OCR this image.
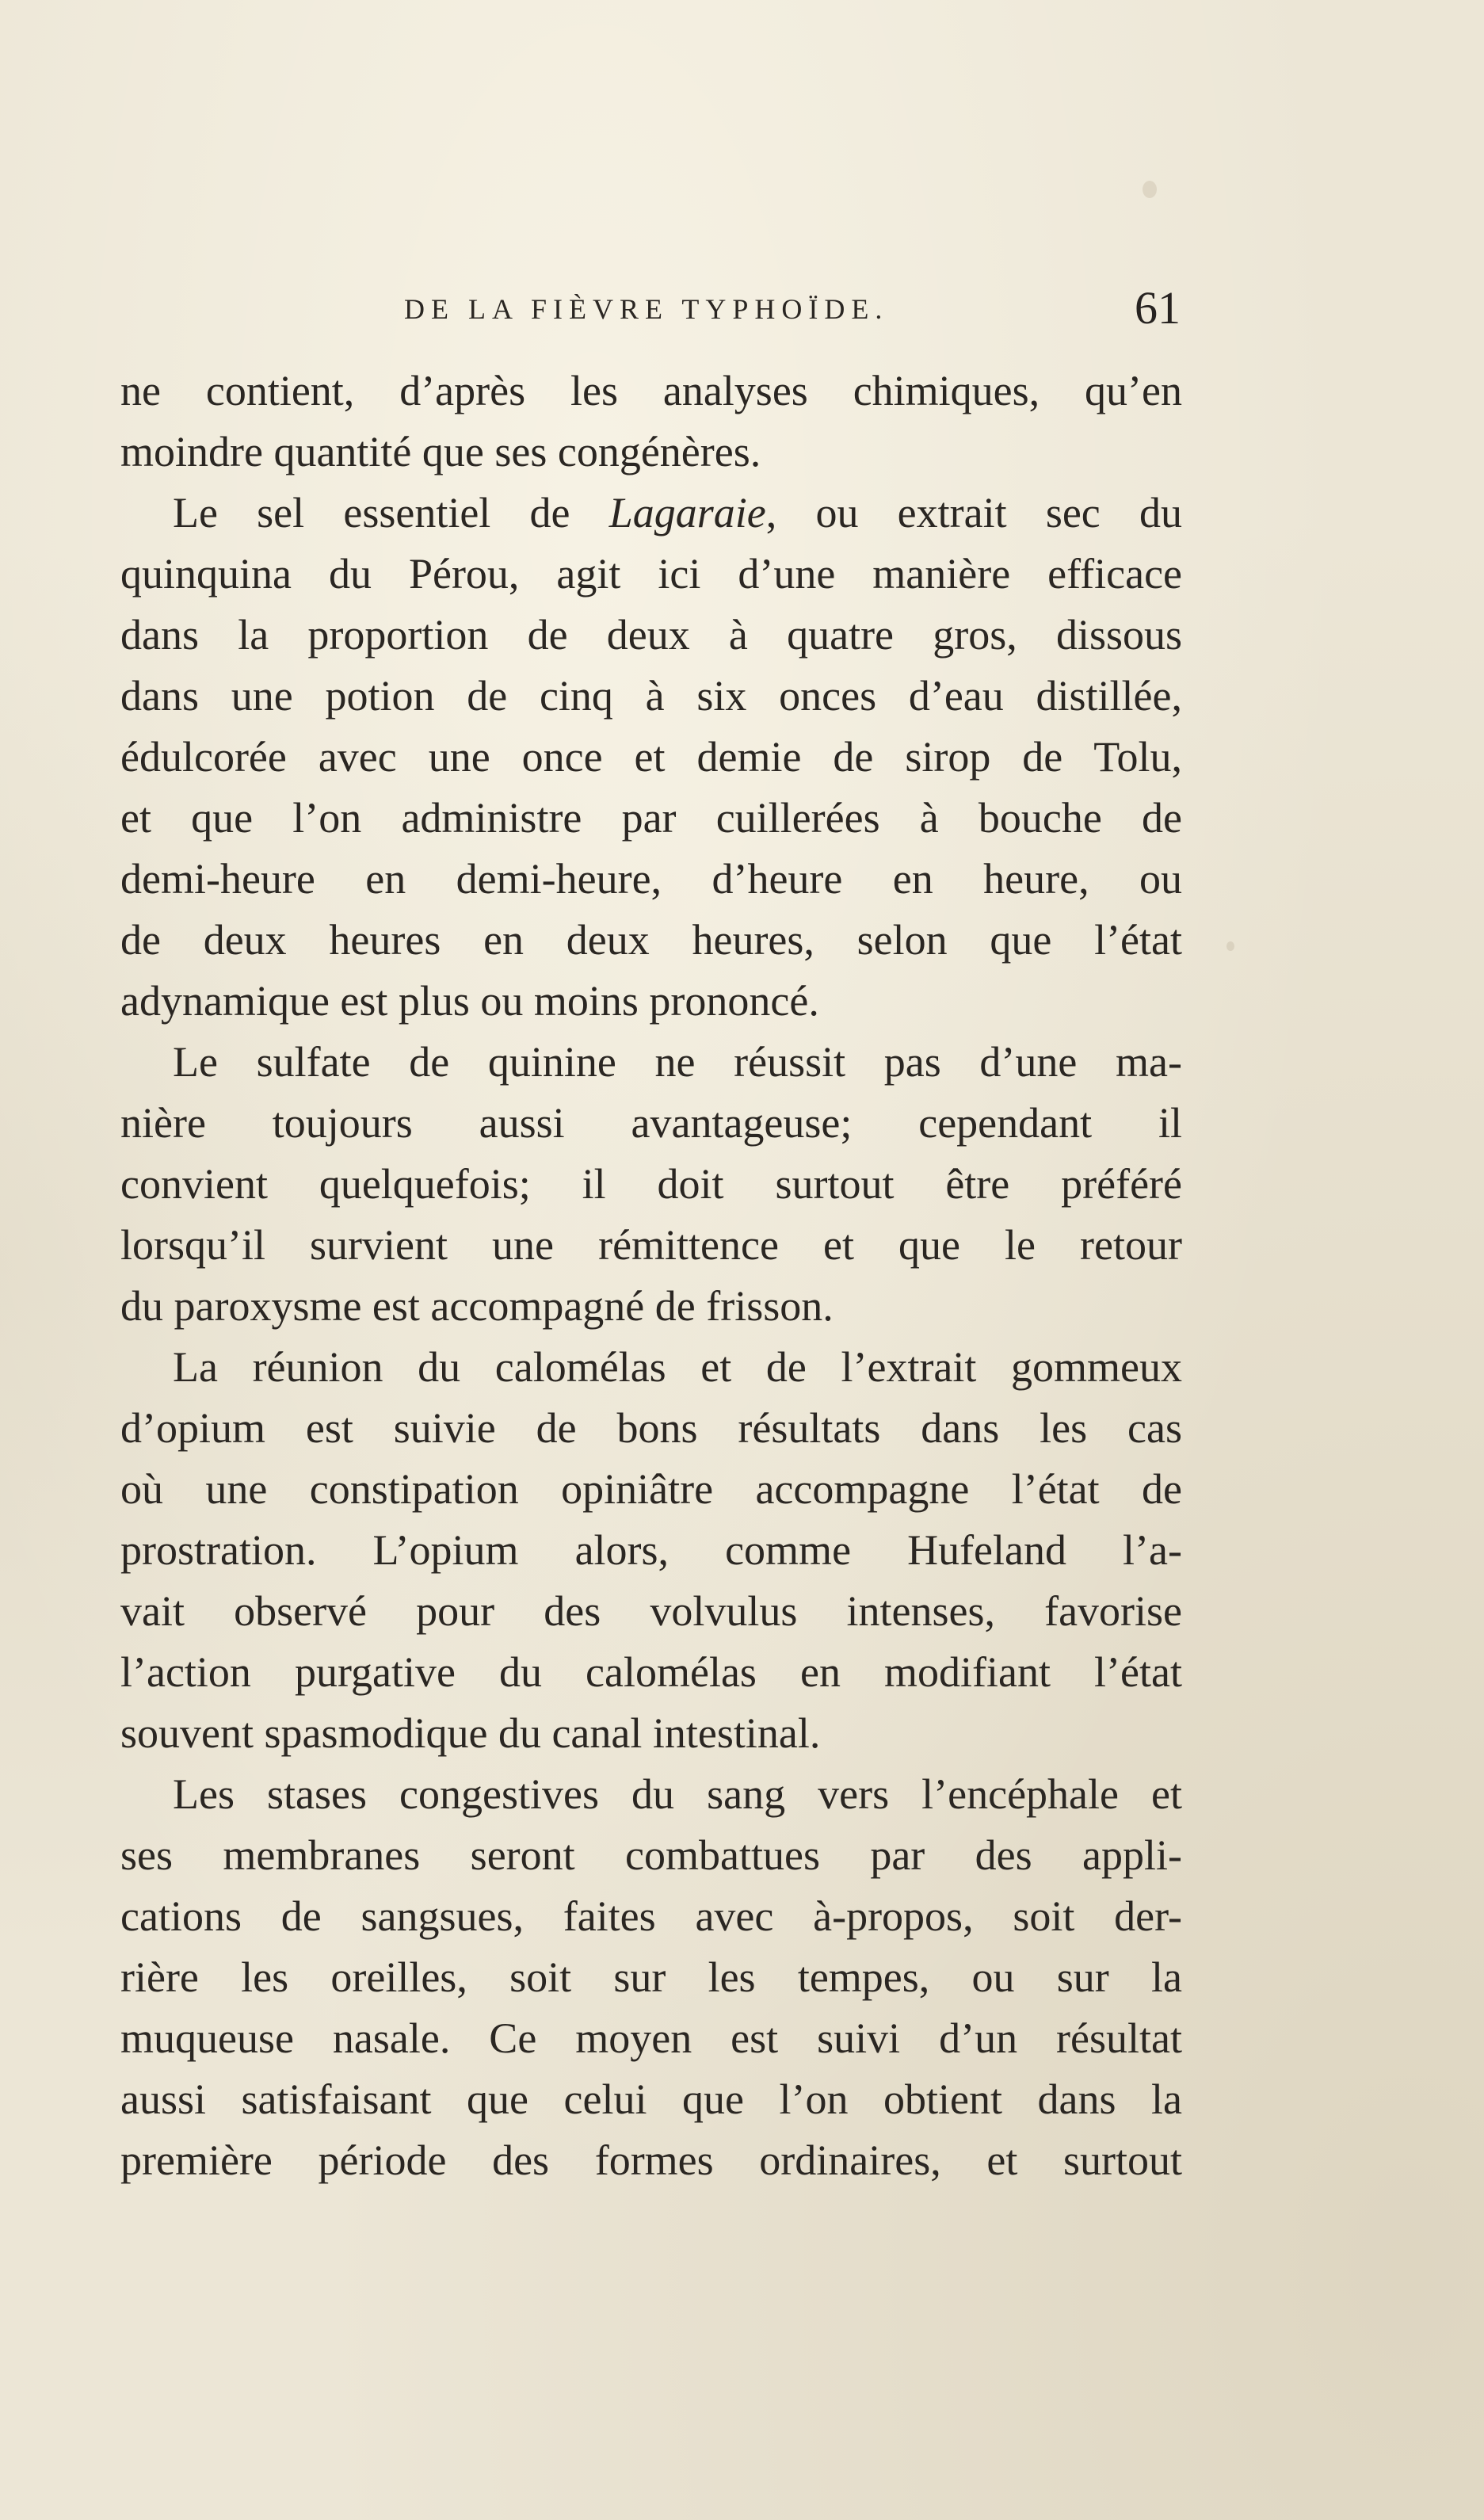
DE LA FIÈVRE TYPHOÏDE.	61
ne contient, d’après les analyses chimiques, qu’en
moindre quantité que ses congénères.
Le sel essentiel de Lagaraie, ou extrait sec du
quinquina du Pérou, agit ici d’une manière efficace
dans la proportion de deux à quatre gros, dissous
dans une potion de cinq à six onces d’eau distillée,
édulcorée avec une once et demie de sirop de Tolu,
et que l’on administre par cuillerées à bouche de
demi-heure en demi-heure, d’heure en heure, ou
de deux heures en deux heures, selon que l’état
adynamique est plus ou moins prononcé.
Le sulfate de quinine ne réussit pas d’une ma-
nière toujours aussi avantageuse; cependant il
convient quelquefois; il doit surtout être préféré
lorsqu’il survient une rémittence et que le retour
du paroxysme est accompagné de frisson.
La réunion du calomélas et de l’extrait gommeux
d’opium est suivie de bons résultats dans les cas
où une constipation opiniâtre accompagne l’état de
prostration. L’opium alors, comme Hufeland l’a-
vait observé pour des volvulus intenses, favorise
l’action purgative du calomélas en modifiant l’état
souvent spasmodique du canal intestinal.
Les stases congestives du sang vers l’encéphale et
ses membranes seront combattues par des appli-
cations de sangsues, faites avec à-propos, soit der-
rière les oreilles, soit sur les tempes, ou sur la
muqueuse nasale. Ce moyen est suivi d’un résultat
aussi satisfaisant que celui que l’on obtient dans la
première période des formes ordinaires, et surtout
